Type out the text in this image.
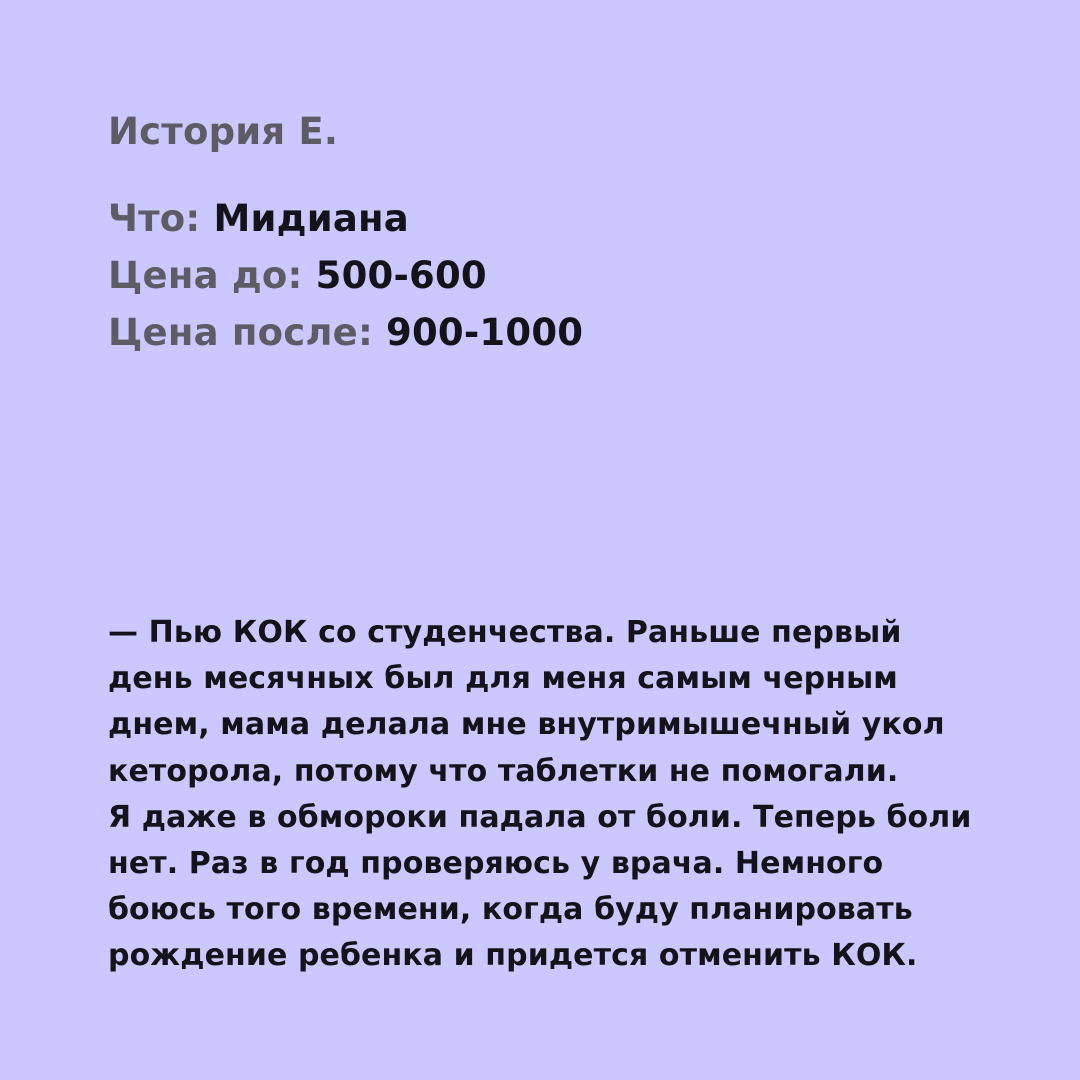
История Е.
Что: Мидиана
Цена до: 500-600
Цена после: 900-1000

— Пью КОК со студенчества. Раньше первый
день месячных был для меня самым черным
днем, мама делала мне внутримышечный укол
кеторола, потому что таблетки не помогали.
Я даже в обмороки падала от боли. Теперь боли
нет. Раз в год проверяюсь у врача. Немного
боюсь того времени, когда буду планировать
рождение ребенка и придется отменить КОК.
